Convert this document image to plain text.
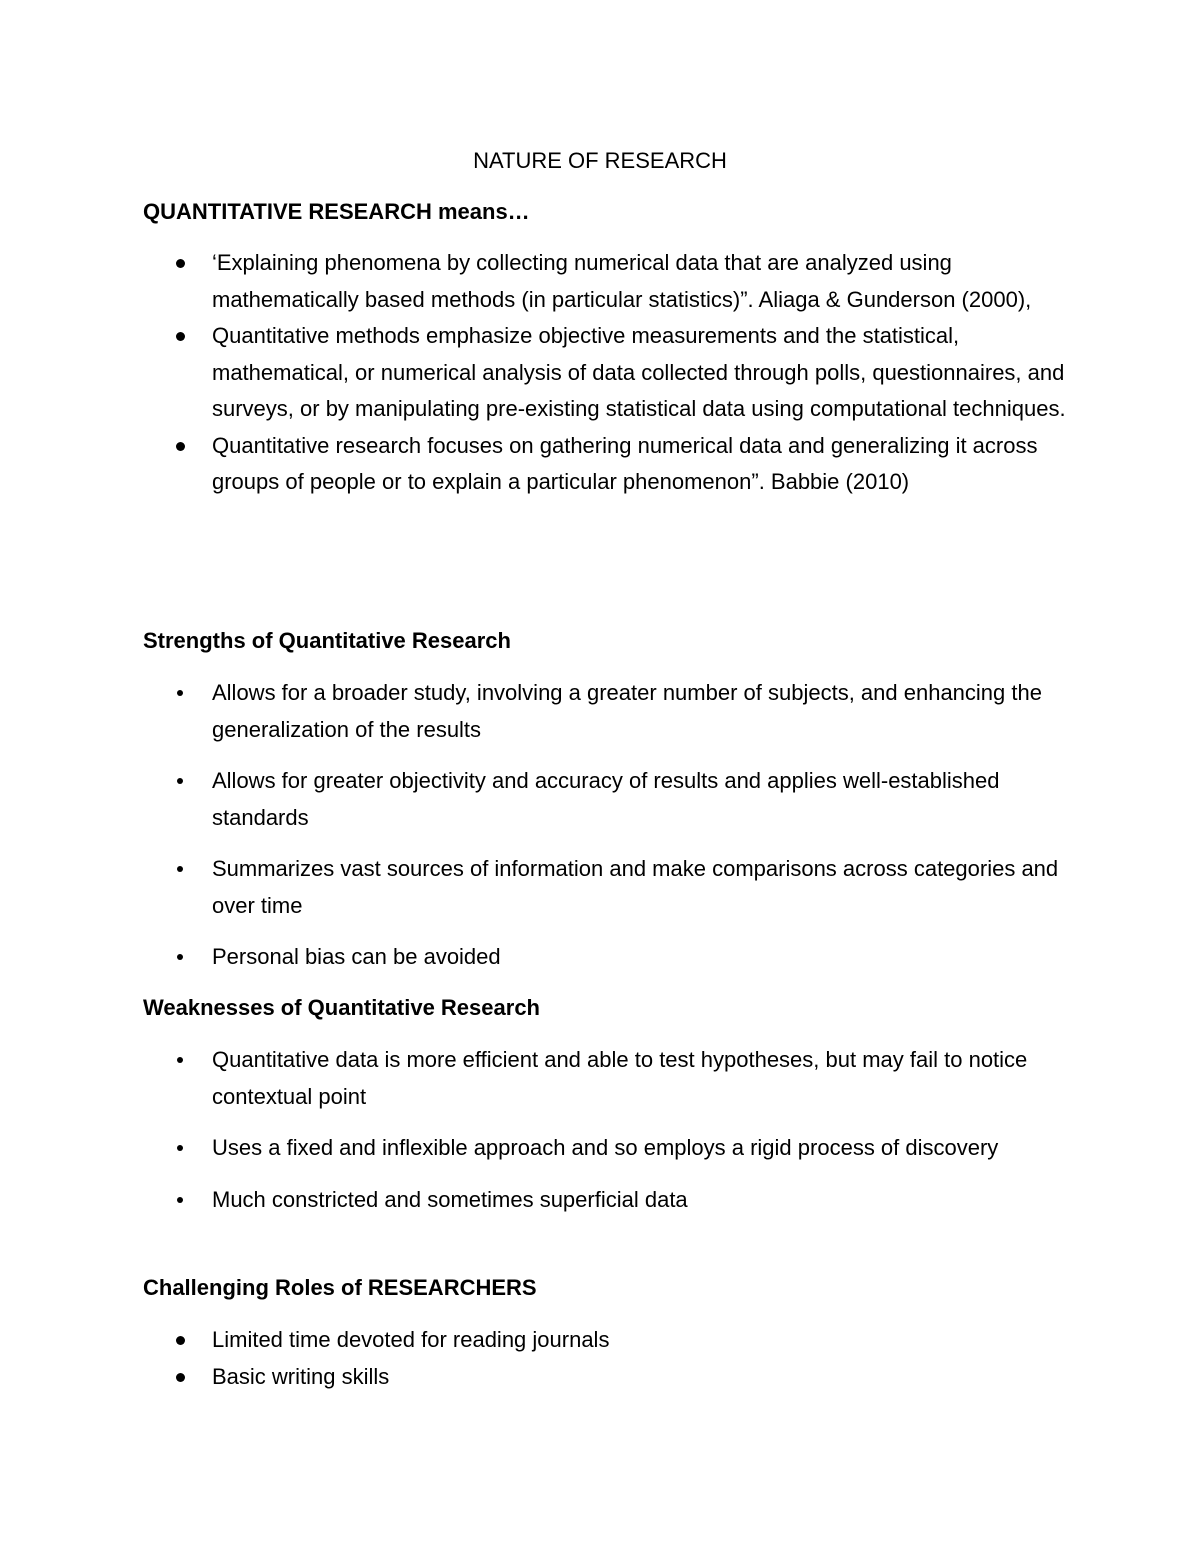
NATURE OF RESEARCH
QUANTITATIVE RESEARCH means…
‘Explaining phenomena by collecting numerical data that are analyzed using mathematically based methods (in particular statistics)”. Aliaga & Gunderson (2000),
Quantitative methods emphasize objective measurements and the statistical, mathematical, or numerical analysis of data collected through polls, questionnaires, and surveys, or by manipulating pre-existing statistical data using computational techniques.
Quantitative research focuses on gathering numerical data and generalizing it across groups of people or to explain a particular phenomenon”. Babbie (2010)
Strengths of Quantitative Research
Allows for a broader study, involving a greater number of subjects, and enhancing the generalization of the results
Allows for greater objectivity and accuracy of results and applies well-established standards
Summarizes vast sources of information and make comparisons across categories and over time
Personal bias can be avoided
Weaknesses of Quantitative Research
Quantitative data is more efficient and able to test hypotheses, but may fail to notice contextual point
Uses a fixed and inflexible approach and so employs a rigid process of discovery
Much constricted and sometimes superficial data
Challenging Roles of RESEARCHERS
Limited time devoted for reading journals
Basic writing skills
